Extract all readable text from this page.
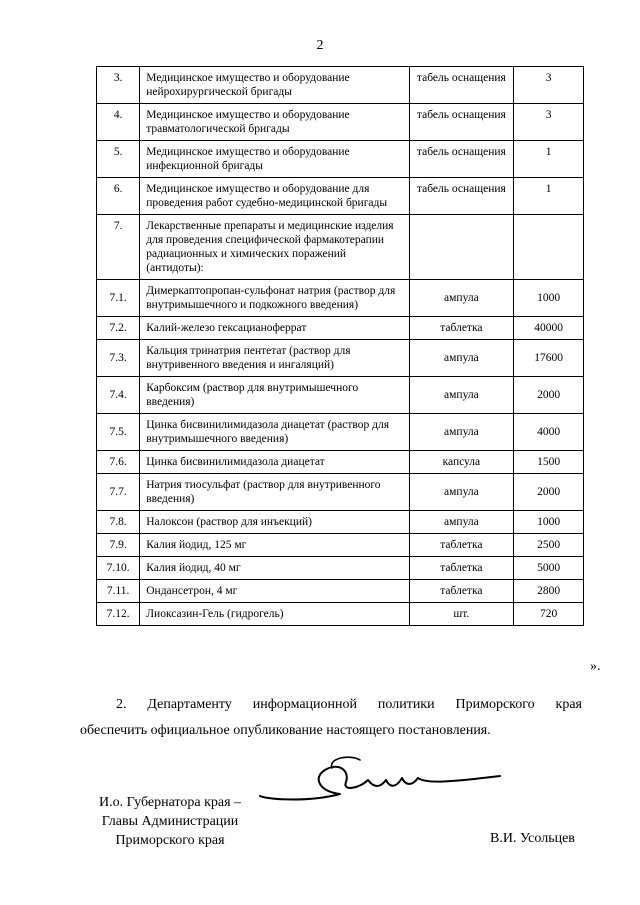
2
3.	Медицинское имущество и оборудование нейрохирургической бригады	табель оснащения	3
4.	Медицинское имущество и оборудование травматологической бригады	табель оснащения	3
5.	Медицинское имущество и оборудование инфекционной бригады	табель оснащения	1
6.	Медицинское имущество и оборудование для проведения работ судебно-медицинской бригады	табель оснащения	1
7.	Лекарственные препараты и медицинские изделия для проведения специфической фармакотерапии радиационных и химических поражений (антидоты):		
7.1.	Димеркаптопропан-сульфонат натрия (раствор для внутримышечного и подкожного введения)	ампула	1000
7.2.	Калий-железо гексацианоферрат	таблетка	40000
7.3.	Кальция тринатрия пентетат (раствор для внутривенного введения и ингаляций)	ампула	17600
7.4.	Карбоксим (раствор для внутримышечного введения)	ампула	2000
7.5.	Цинка бисвинилимидазола диацетат (раствор для внутримышечного введения)	ампула	4000
7.6.	Цинка бисвинилимидазола диацетат	капсула	1500
7.7.	Натрия тиосульфат (раствор для внутривенного введения)	ампула	2000
7.8.	Налоксон (раствор для инъекций)	ампула	1000
7.9.	Калия йодид, 125 мг	таблетка	2500
7.10.	Калия йодид, 40 мг	таблетка	5000
7.11.	Ондансетрон, 4 мг	таблетка	2800
7.12.	Лиоксазин-Гель (гидрогель)	шт.	720
».
2. Департаменту информационной политики Приморского края
обеспечить официальное опубликование настоящего постановления.
И.о. Губернатора края –
Главы Администрации
Приморского края	В.И. Усольцев
